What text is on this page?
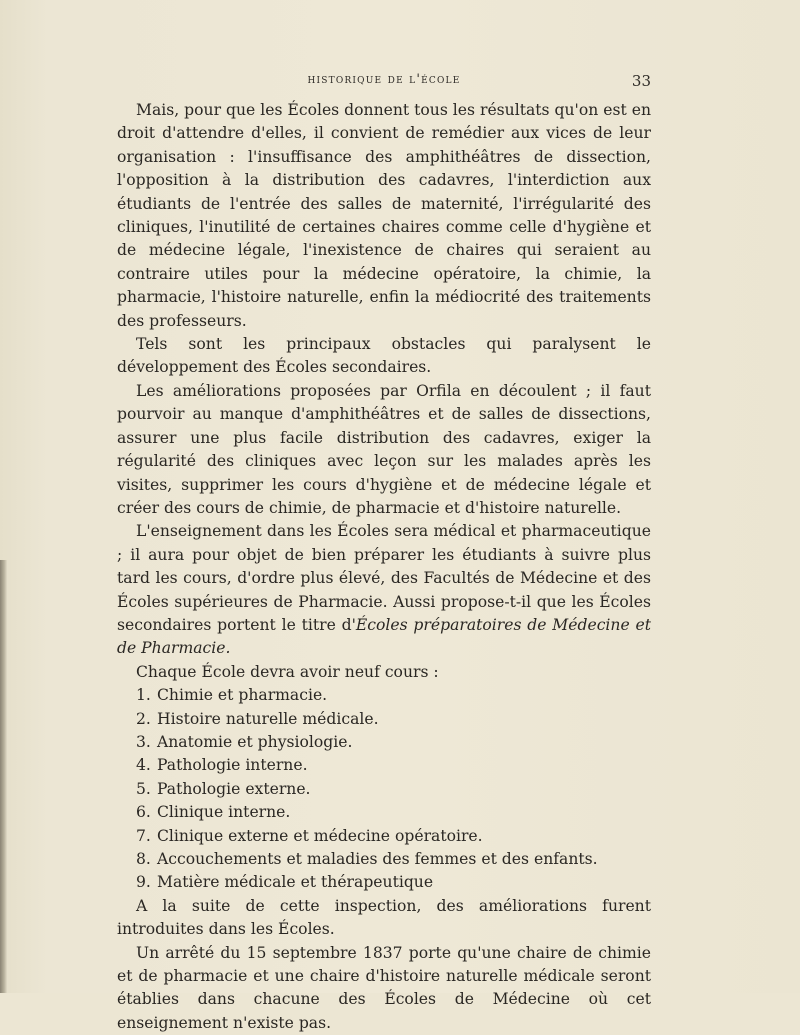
historique de l'école	33

Mais, pour que les Écoles donnent tous les résultats qu'on est en droit d'attendre d'elles, il convient de remédier aux vices de leur organisation : l'insuffisance des amphithéâtres de dissection, l'opposition à la distribution des cadavres, l'interdiction aux étudiants de l'entrée des salles de maternité, l'irrégularité des cliniques, l'inutilité de certaines chaires comme celle d'hygiène et de médecine légale, l'inexistence de chaires qui seraient au contraire utiles pour la médecine opératoire, la chimie, la pharmacie, l'histoire naturelle, enfin la médiocrité des traitements des professeurs.

Tels sont les principaux obstacles qui paralysent le développement des Écoles secondaires.

Les améliorations proposées par Orfila en découlent ; il faut pourvoir au manque d'amphithéâtres et de salles de dissections, assurer une plus facile distribution des cadavres, exiger la régularité des cliniques avec leçon sur les malades après les visites, supprimer les cours d'hygiène et de médecine légale et créer des cours de chimie, de pharmacie et d'histoire naturelle.

L'enseignement dans les Écoles sera médical et pharmaceutique ; il aura pour objet de bien préparer les étudiants à suivre plus tard les cours, d'ordre plus élevé, des Facultés de Médecine et des Écoles supérieures de Pharmacie. Aussi propose-t-il que les Écoles secondaires portent le titre d'Écoles préparatoires de Médecine et de Pharmacie.

Chaque École devra avoir neuf cours :

1. Chimie et pharmacie.
2. Histoire naturelle médicale.
3. Anatomie et physiologie.
4. Pathologie interne.
5. Pathologie externe.
6. Clinique interne.
7. Clinique externe et médecine opératoire.
8. Accouchements et maladies des femmes et des enfants.
9. Matière médicale et thérapeutique

A la suite de cette inspection, des améliorations furent introduites dans les Écoles.

Un arrêté du 15 septembre 1837 porte qu'une chaire de chimie et de pharmacie et une chaire d'histoire naturelle médicale seront établies dans chacune des Écoles de Médecine où cet enseignement n'existe pas.
